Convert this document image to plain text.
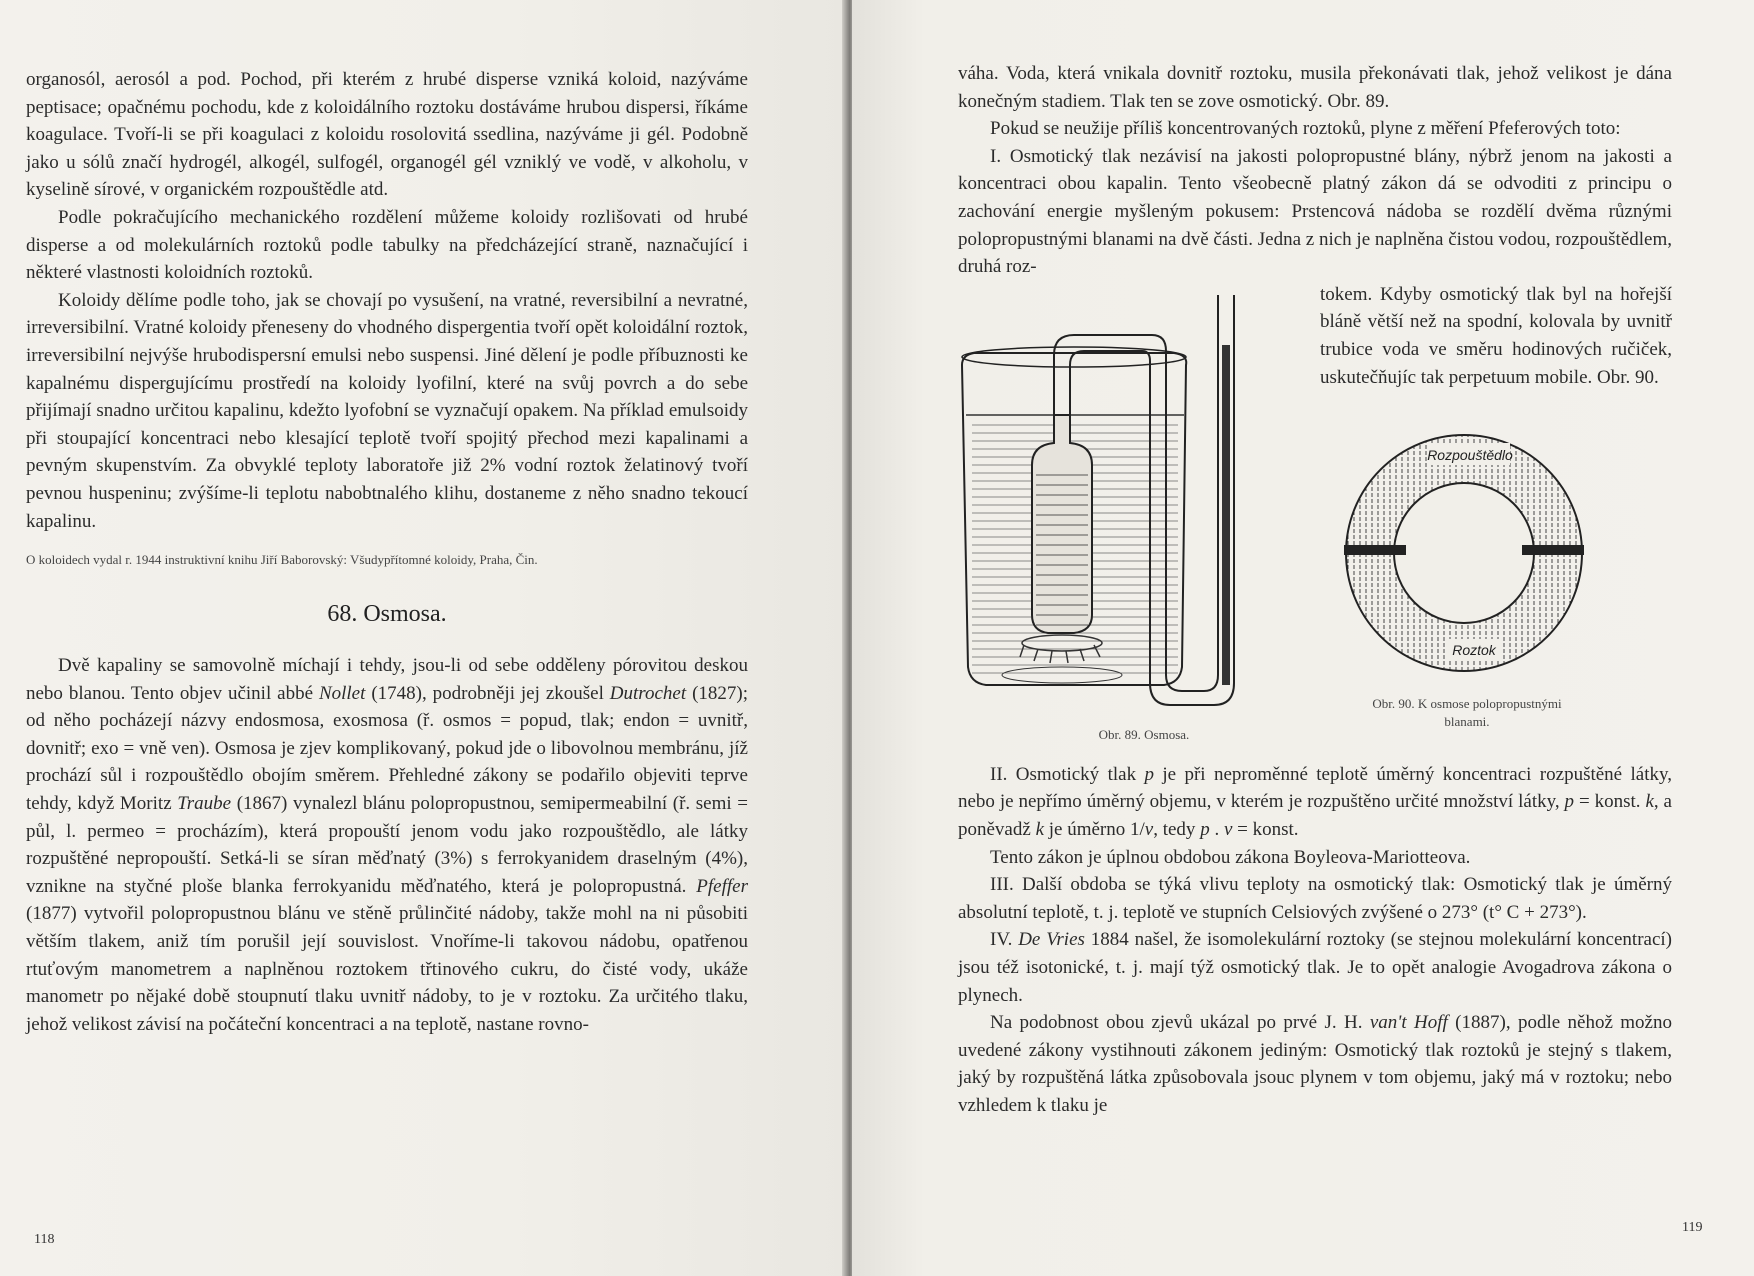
organosól, aerosól a pod. Pochod, při kterém z hrubé disperse vzniká koloid, nazýváme peptisace; opačnému pochodu, kde z koloidálního roztoku dostáváme hrubou dispersi, říkáme koagulace. Tvoří-li se při koagulaci z koloidu rosolovitá ssedlina, nazýváme ji gél. Podobně jako u sólů značí hydrogél, alkogél, sulfogél, organogél gél vzniklý ve vodě, v alkoholu, v kyselině sírové, v organickém rozpouštědle atd.

Podle pokračujícího mechanického rozdělení můžeme koloidy rozlišovati od hrubé disperse a od molekulárních roztoků podle tabulky na předcházející straně, naznačující i některé vlastnosti koloidních roztoků.

Koloidy dělíme podle toho, jak se chovají po vysušení, na vratné, reversibilní a nevratné, irreversibilní. Vratné koloidy přeneseny do vhodného dispergentia tvoří opět koloidální roztok, irreversibilní nejvýše hrubodispersní emulsi nebo suspensi. Jiné dělení je podle příbuznosti ke kapalnému dispergujícímu prostředí na koloidy lyofilní, které na svůj povrch a do sebe přijímají snadno určitou kapalinu, kdežto lyofobní se vyznačují opakem. Na příklad emulsoidy při stoupající koncentraci nebo klesající teplotě tvoří spojitý přechod mezi kapalinami a pevným skupenstvím. Za obvyklé teploty laboratoře již 2% vodní roztok želatinový tvoří pevnou huspeninu; zvýšíme-li teplotu nabobtnalého klihu, dostaneme z něho snadno tekoucí kapalinu.

O koloidech vydal r. 1944 instruktivní knihu Jiří Baborovský: Všudypřítomné koloidy, Praha, Čin.

68. Osmosa.

Dvě kapaliny se samovolně míchají i tehdy, jsou-li od sebe odděleny pórovitou deskou nebo blanou. Tento objev učinil abbé Nollet (1748), podrobněji jej zkoušel Dutrochet (1827); od něho pocházejí názvy endosmosa, exosmosa (ř. osmos = popud, tlak; endon = uvnitř, dovnitř; exo = vně ven). Osmosa je zjev komplikovaný, pokud jde o libovolnou membránu, jíž prochází sůl i rozpouštědlo obojím směrem. Přehledné zákony se podařilo objeviti teprve tehdy, když Moritz Traube (1867) vynalezl blánu polopropustnou, semipermeabilní (ř. semi = půl, l. permeo = procházím), která propouští jenom vodu jako rozpouštědlo, ale látky rozpuštěné nepropouští. Setká-li se síran měďnatý (3%) s ferrokyanidem draselným (4%), vznikne na styčné ploše blanka ferrokyanidu měďnatého, která je polopropustná. Pfeffer (1877) vytvořil polopropustnou blánu ve stěně průlinčité nádoby, takže mohl na ni působiti větším tlakem, aniž tím porušil její souvislost. Vnoříme-li takovou nádobu, opatřenou rtuťovým manometrem a naplněnou roztokem třtinového cukru, do čisté vody, ukáže manometr po nějaké době stoupnutí tlaku uvnitř nádoby, to je v roztoku. Za určitého tlaku, jehož velikost závisí na počáteční koncentraci a na teplotě, nastane rovno-

118

váha. Voda, která vnikala dovnitř roztoku, musila překonávati tlak, jehož velikost je dána konečným stadiem. Tlak ten se zove osmotický. Obr. 89.

Pokud se neužije příliš koncentrovaných roztoků, plyne z měření Pfeferových toto:

I. Osmotický tlak nezávisí na jakosti polopropustné blány, nýbrž jenom na jakosti a koncentraci obou kapalin. Tento všeobecně platný zákon dá se odvoditi z principu o zachování energie myšleným pokusem: Prstencová nádoba se rozdělí dvěma různými polopropustnými blanami na dvě části. Jedna z nich je naplněna čistou vodou, rozpouštědlem, druhá roz-

tokem. Kdyby osmotický tlak byl na hořejší bláně větší než na spodní, kolovala by uvnitř trubice voda ve směru hodinových ručiček, uskutečňujíc tak perpetuum mobile. Obr. 90.

Obr. 89. Osmosa.
Rozpouštědlo
Roztok
Obr. 90. K osmose polopropustnými blanami.

II. Osmotický tlak p je při neproměnné teplotě úměrný koncentraci rozpuštěné látky, nebo je nepřímo úměrný objemu, v kterém je rozpuštěno určité množství látky, p = konst. k, a poněvadž k je úměrno 1/v, tedy p . v = konst.

Tento zákon je úplnou obdobou zákona Boyleova-Mariotteova.

III. Další obdoba se týká vlivu teploty na osmotický tlak: Osmotický tlak je úměrný absolutní teplotě, t. j. teplotě ve stupních Celsiových zvýšené o 273° (t° C + 273°).

IV. De Vries 1884 našel, že isomolekulární roztoky (se stejnou molekulární koncentrací) jsou též isotonické, t. j. mají týž osmotický tlak. Je to opět analogie Avogadrova zákona o plynech.

Na podobnost obou zjevů ukázal po prvé J. H. van't Hoff (1887), podle něhož možno uvedené zákony vystihnouti zákonem jediným: Osmotický tlak roztoků je stejný s tlakem, jaký by rozpuštěná látka způsobovala jsouc plynem v tom objemu, jaký má v roztoku; nebo vzhledem k tlaku je

119
